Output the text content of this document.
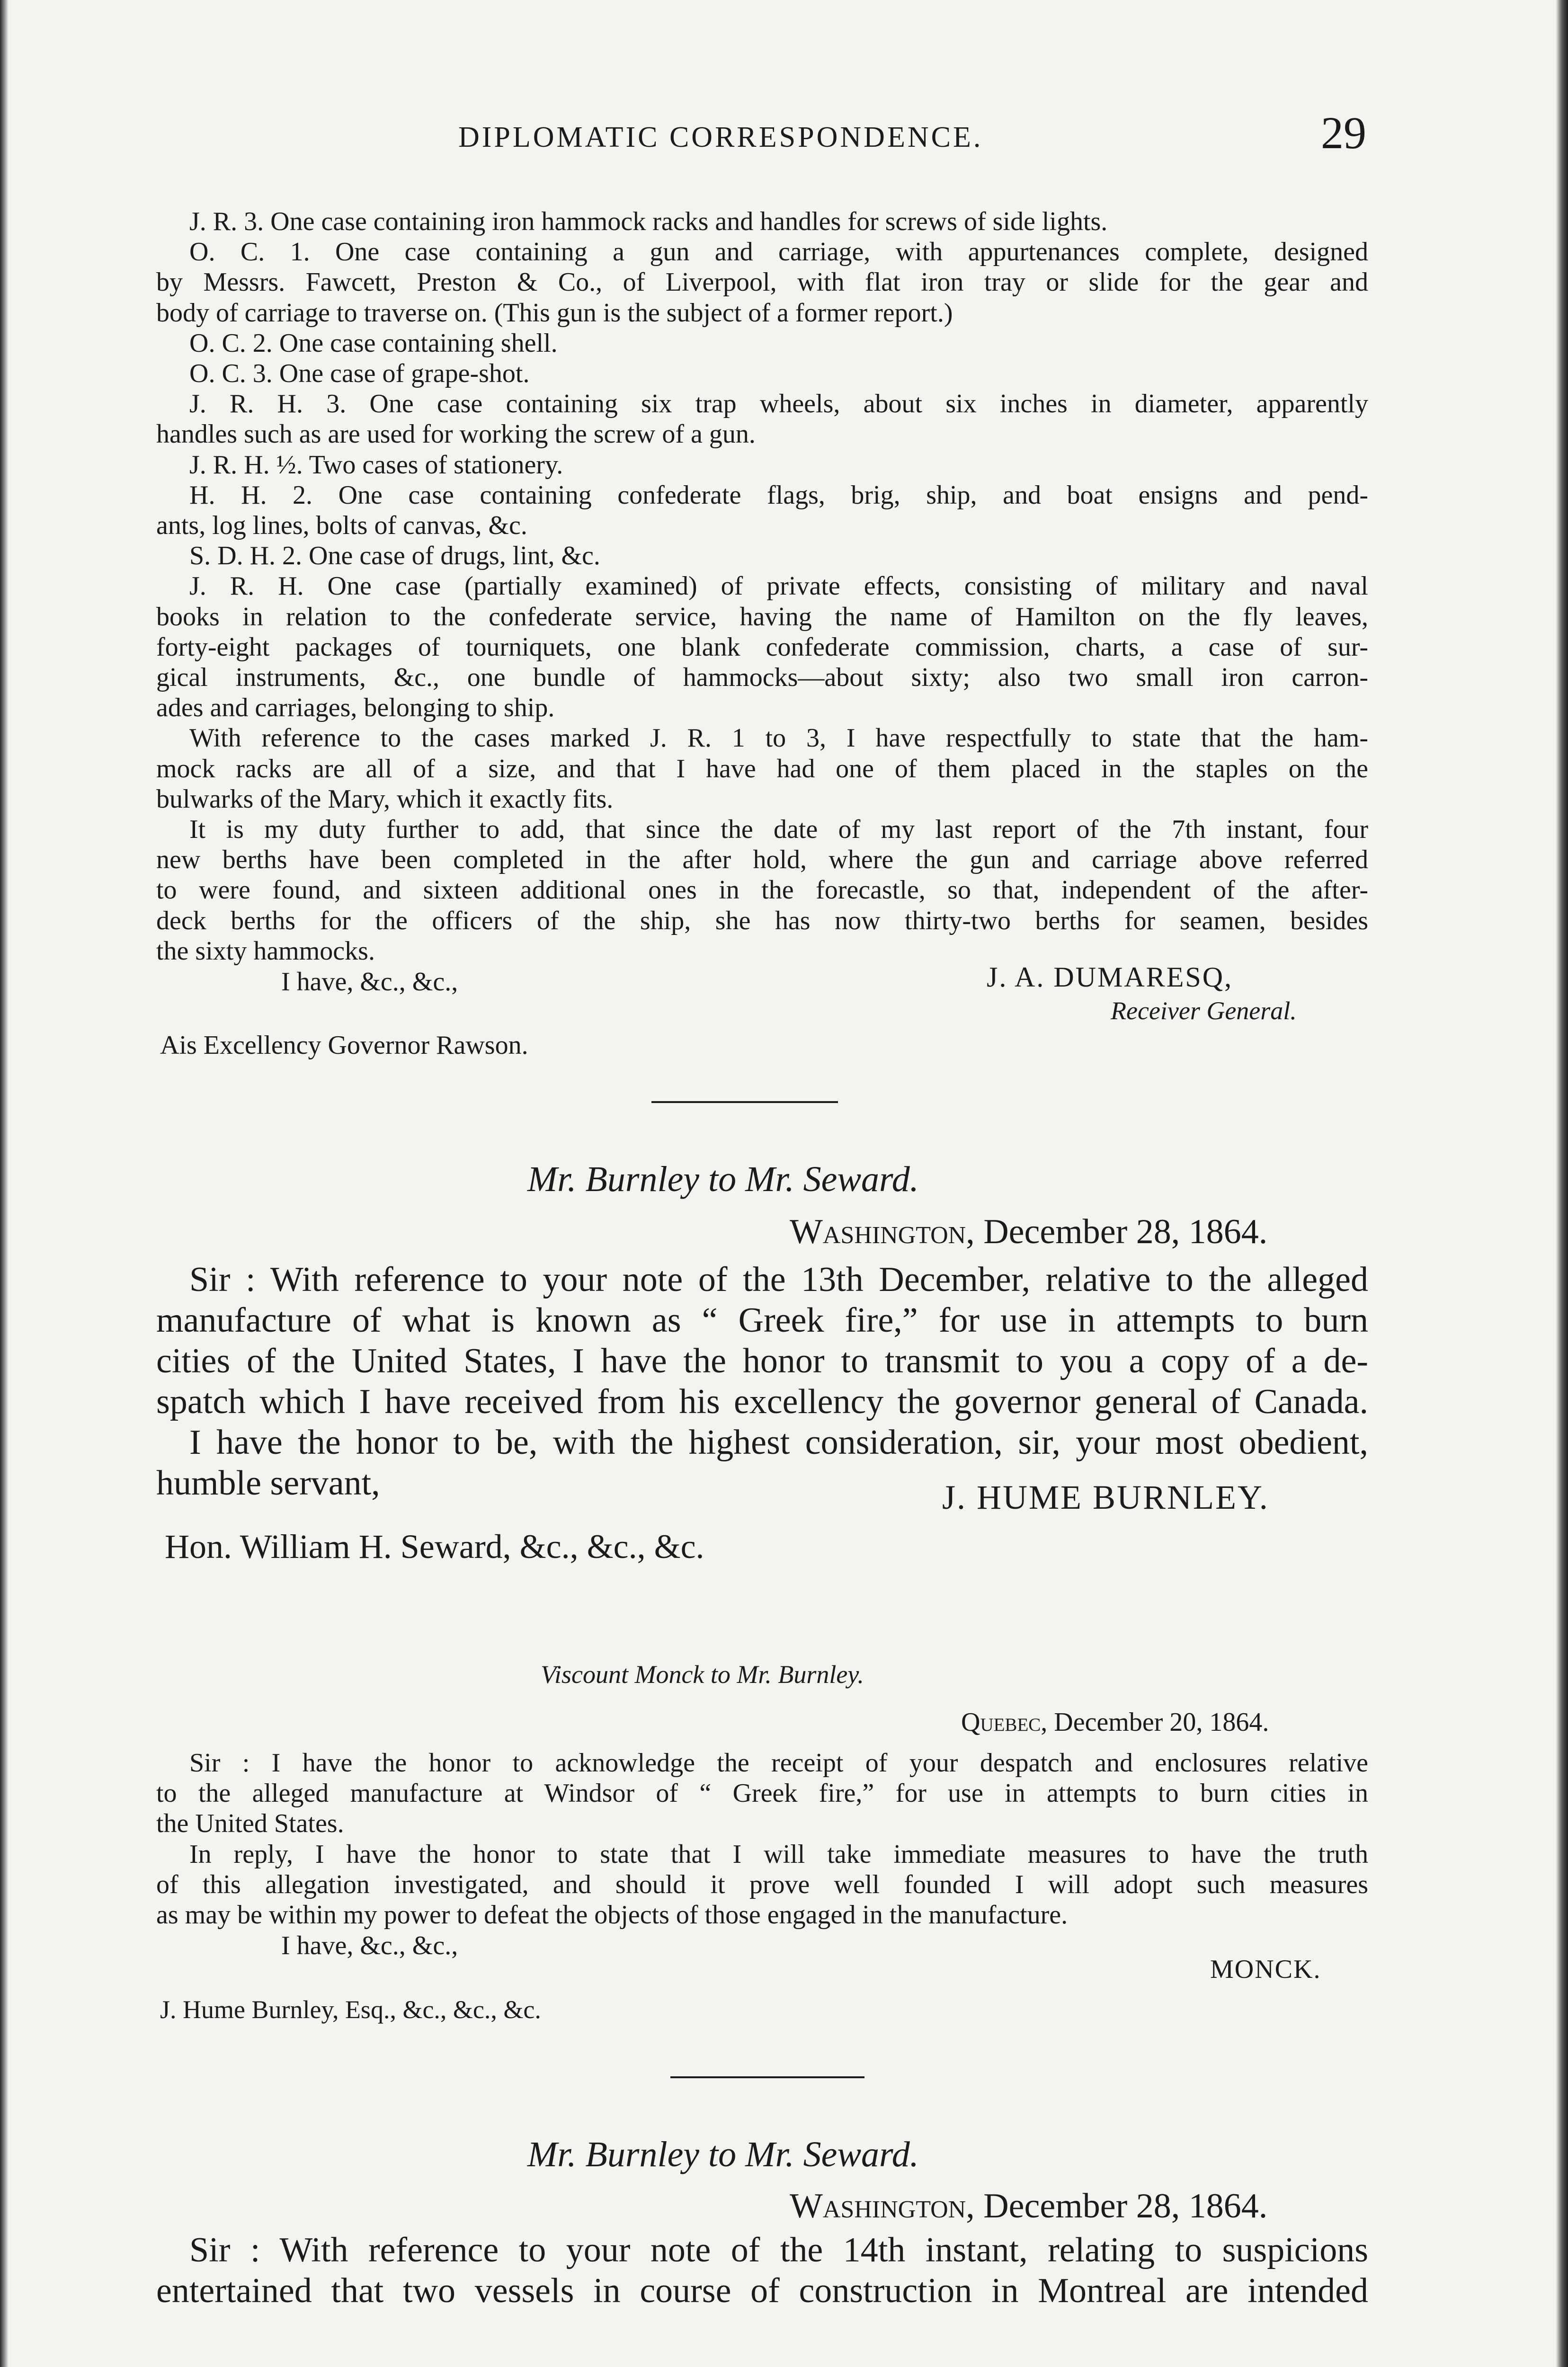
DIPLOMATIC CORRESPONDENCE.	29
J. R. 3. One case containing iron hammock racks and handles for screws of side lights.
O. C. 1. One case containing a gun and carriage, with appurtenances complete, designed
by Messrs. Fawcett, Preston & Co., of Liverpool, with flat iron tray or slide for the gear and
body of carriage to traverse on. (This gun is the subject of a former report.)
O. C. 2. One case containing shell.
O. C. 3. One case of grape-shot.
J. R. H. 3. One case containing six trap wheels, about six inches in diameter, apparently
handles such as are used for working the screw of a gun.
J. R. H. ½. Two cases of stationery.
H. H. 2. One case containing confederate flags, brig, ship, and boat ensigns and pend-
ants, log lines, bolts of canvas, &c.
S. D. H. 2. One case of drugs, lint, &c.
J. R. H. One case (partially examined) of private effects, consisting of military and naval
books in relation to the confederate service, having the name of Hamilton on the fly leaves,
forty-eight packages of tourniquets, one blank confederate commission, charts, a case of sur-
gical instruments, &c., one bundle of hammocks—about sixty; also two small iron carron-
ades and carriages, belonging to ship.
With reference to the cases marked J. R. 1 to 3, I have respectfully to state that the ham-
mock racks are all of a size, and that I have had one of them placed in the staples on the
bulwarks of the Mary, which it exactly fits.
It is my duty further to add, that since the date of my last report of the 7th instant, four
new berths have been completed in the after hold, where the gun and carriage above referred
to were found, and sixteen additional ones in the forecastle, so that, independent of the after-
deck berths for the officers of the ship, she has now thirty-two berths for seamen, besides
the sixty hammocks.
I have, &c., &c.,	J. A. DUMARESQ,
Receiver General.
Ais Excellency Governor Rawson.
Mr. Burnley to Mr. Seward.
Washington, December 28, 1864.
Sir : With reference to your note of the 13th December, relative to the alleged
manufacture of what is known as “ Greek fire,” for use in attempts to burn
cities of the United States, I have the honor to transmit to you a copy of a de-
spatch which I have received from his excellency the governor general of Canada.
I have the honor to be, with the highest consideration, sir, your most obedient,
humble servant,	J. HUME BURNLEY.
Hon. William H. Seward, &c., &c., &c.
Viscount Monck to Mr. Burnley.
Quebec, December 20, 1864.
Sir : I have the honor to acknowledge the receipt of your despatch and enclosures relative
to the alleged manufacture at Windsor of “ Greek fire,” for use in attempts to burn cities in
the United States.
In reply, I have the honor to state that I will take immediate measures to have the truth
of this allegation investigated, and should it prove well founded I will adopt such measures
as may be within my power to defeat the objects of those engaged in the manufacture.
I have, &c., &c.,
MONCK.
J. Hume Burnley, Esq., &c., &c., &c.
Mr. Burnley to Mr. Seward.
Washington, December 28, 1864.
Sir : With reference to your note of the 14th instant, relating to suspicions
entertained that two vessels in course of construction in Montreal are intended
